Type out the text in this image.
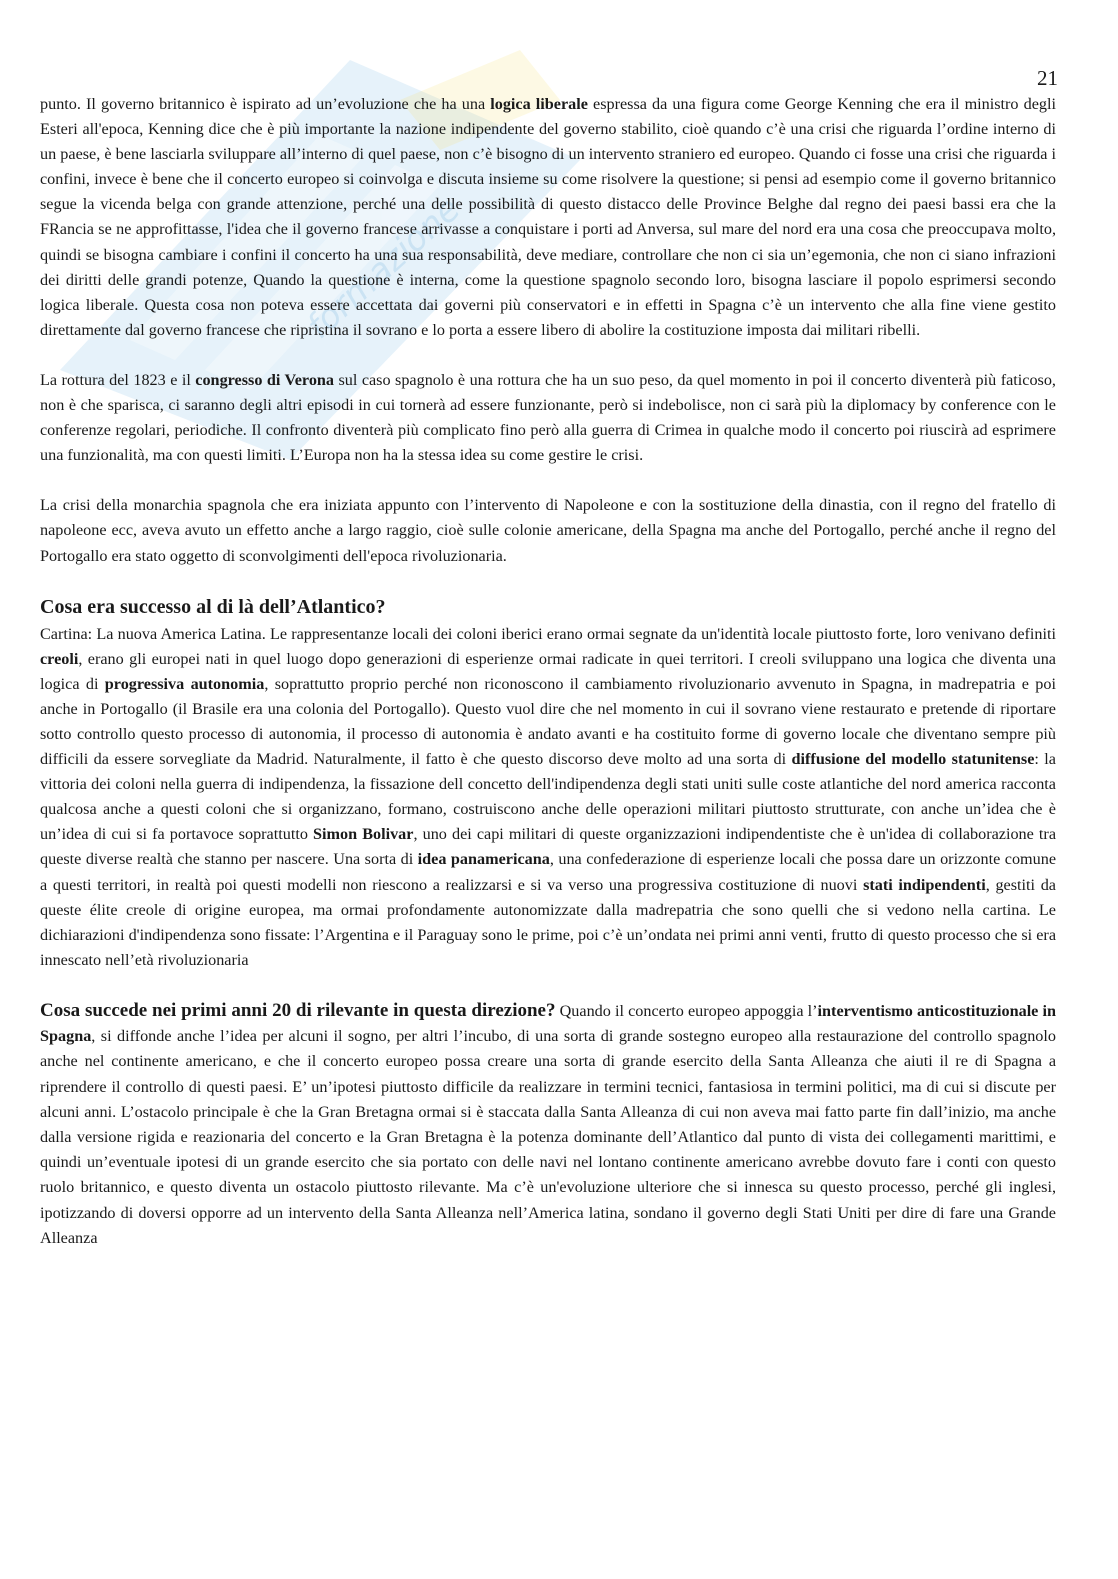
formazione
21

punto. Il governo britannico è ispirato ad un’evoluzione che ha una logica liberale espressa da una figura come George Kenning che era il ministro degli Esteri all'epoca, Kenning dice che è più importante la nazione indipendente del governo stabilito, cioè quando c’è una crisi che riguarda l’ordine interno di un paese, è bene lasciarla svilupparе all’interno di quel paese, non c’è bisogno di un intervento straniero ed europeo. Quando ci fosse una crisi che riguarda i confini, invece è bene che il concerto europeo si coinvolga e discuta insieme su come risolvere la questione; si pensi ad esempio come il governo britannico segue la vicenda belga con grande attenzione, perché una delle possibilità di questo distacco delle Province Belghe dal regno dei paesi bassi era che la FRancia se ne approfittasse, l'idea che il governo francese arrivasse a conquistare i porti ad Anversa, sul mare del nord era una cosa che preoccupava molto, quindi se bisogna cambiare i confini il concerto ha una sua responsabilità, deve mediare, controllare che non ci sia un’egemonia, che non ci siano infrazioni dei diritti delle grandi potenze, Quando la questione è interna, come la questione spagnolo secondo loro, bisogna lasciare il popolo esprimersi secondo logica liberale. Questa cosa non poteva essere accettata dai governi più conservatori e in effetti in Spagna c’è un intervento che alla fine viene gestito direttamente dal governo francese che ripristina il sovrano e lo porta a essere libero di abolire la costituzione imposta dai militari ribelli.

La rottura del 1823 e il congresso di Verona sul caso spagnolo è una rottura che ha un suo peso, da quel momento in poi il concerto diventerà più faticoso, non è che sparisca, ci saranno degli altri episodi in cui tornerà ad essere funzionante, però si indebolisce, non ci sarà più la diplomacy by conference con le conferenze regolari, periodiche. Il confronto diventerà più complicato fino però alla guerra di Crimea in qualche modo il concerto poi riuscirà ad esprimere una funzionalità, ma con questi limiti. L’Europa non ha la stessa idea su come gestire le crisi.

La crisi della monarchia spagnola che era iniziata appunto con l’intervento di Napoleone e con la sostituzione della dinastia, con il regno del fratello di napoleone ecc, aveva avuto un effetto anche a largo raggio, cioè sulle colonie americane, della Spagna ma anche del Portogallo, perché anche il regno del Portogallo era stato oggetto di sconvolgimenti dell'epoca rivoluzionaria.

Cosa era successo al di là dell’Atlantico?

Cartina: La nuova America Latina. Le rappresentanze locali dei coloni iberici erano ormai segnate da un'identità locale piuttosto forte, loro venivano definiti creoli, erano gli europei nati in quel luogo dopo generazioni di esperienze ormai radicate in quei territori. I creoli sviluppano una logica che diventa una logica di progressiva autonomia, soprattutto proprio perché non riconoscono il cambiamento rivoluzionario avvenuto in Spagna, in madrepatria e poi anche in Portogallo (il Brasile era una colonia del Portogallo). Questo vuol dire che nel momento in cui il sovrano viene restaurato e pretende di riportare sotto controllo questo processo di autonomia, il processo di autonomia è andato avanti e ha costituito forme di governo locale che diventano sempre più difficili da essere sorvegliate da Madrid. Naturalmente, il fatto è che questo discorso deve molto ad una sorta di diffusione del modello statunitense: la vittoria dei coloni nella guerra di indipendenza, la fissazione dell concetto dell'indipendenza degli stati uniti sulle coste atlantiche del nord america racconta qualcosa anche a questi coloni che si organizzano, formano, costruiscono anche delle operazioni militari piuttosto strutturate, con anche un’idea che è un’idea di cui si fa portavoce soprattutto Simon Bolivar, uno dei capi militari di queste organizzazioni indipendentiste che è un'idea di collaborazione tra queste diverse realtà che stanno per nascere. Una sorta di idea panamericana, una confederazione di esperienze locali che possa dare un orizzonte comune a questi territori, in realtà poi questi modelli non riescono a realizzarsi e si va verso una progressiva costituzione di nuovi stati indipendenti, gestiti da queste élite creole di origine europea, ma ormai profondamente autonomizzate dalla madrepatria che sono quelli che si vedono nella cartina. Le dichiarazioni d'indipendenza sono fissate: l’Argentina e il Paraguay sono le prime, poi c’è un’ondata nei primi anni venti, frutto di questo processo che si era innescato nell’età rivoluzionaria

Cosa succede nei primi anni 20 di rilevante in questa direzione? Quando il concerto europeo appoggia l’interventismo anticostituzionale in Spagna, si diffonde anche l’idea per alcuni il sogno, per altri l’incubo, di una sorta di grande sostegno europeo alla restaurazione del controllo spagnolo anche nel continente americano, e che il concerto europeo possa creare una sorta di grande esercito della Santa Alleanza che aiuti il re di Spagna a riprendere il controllo di questi paesi. E’ un’ipotesi piuttosto difficile da realizzare in termini tecnici, fantasiosa in termini politici, ma di cui si discute per alcuni anni. L’ostacolo principale è che la Gran Bretagna ormai si è staccata dalla Santa Alleanza di cui non aveva mai fatto parte fin dall’inizio, ma anche dalla versione rigida e reazionaria del concerto e la Gran Bretagna è la potenza dominante dell’Atlantico dal punto di vista dei collegamenti marittimi, e quindi un’eventuale ipotesi di un grande esercito che sia portato con delle navi nel lontano continente americano avrebbe dovuto fare i conti con questo ruolo britannico, e questo diventa un ostacolo piuttosto rilevante. Ma c’è un'evoluzione ulteriore che si innesca su questo processo, perché gli inglesi, ipotizzando di doversi opporre ad un intervento della Santa Alleanza nell’America latina, sondano il governo degli Stati Uniti per dire di fare una Grande Alleanza
